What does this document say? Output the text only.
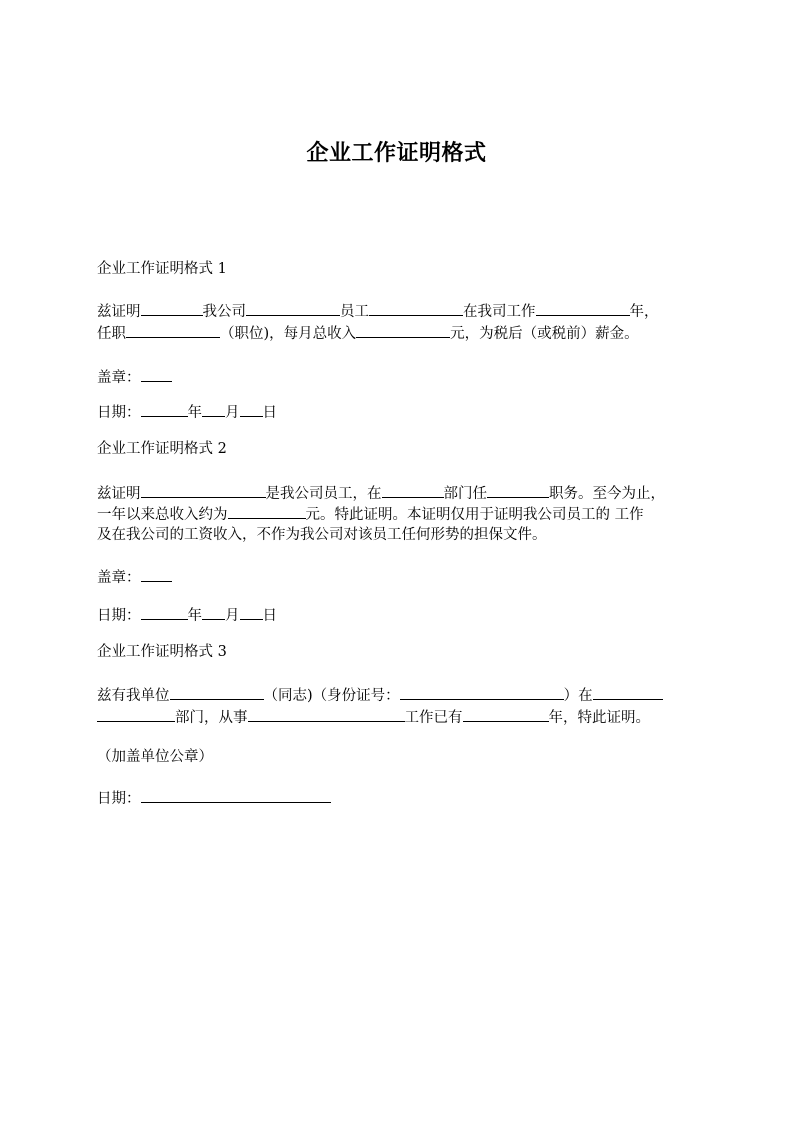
企业工作证明格式
企业工作证明格式 1
兹证明	我公司	员工	在我司工作	年，
任职	（职位)，每月总收入	元，为税后（或税前）薪金。
盖章：
日期：	年 月 日
企业工作证明格式 2
兹证明	是我公司员工，在	部门任	职务。至今为止，
一年以来总收入约为	元。特此证明。本证明仅用于证明我公司员工的 工作
及在我公司的工资收入，不作为我公司对该员工任何形势的担保文件。
盖章：
日期：	年 月 日
企业工作证明格式 3
兹有我单位	（同志)（身份证号：	）在
部门，从事	工作已有	年，特此证明。
（加盖单位公章）
日期：
